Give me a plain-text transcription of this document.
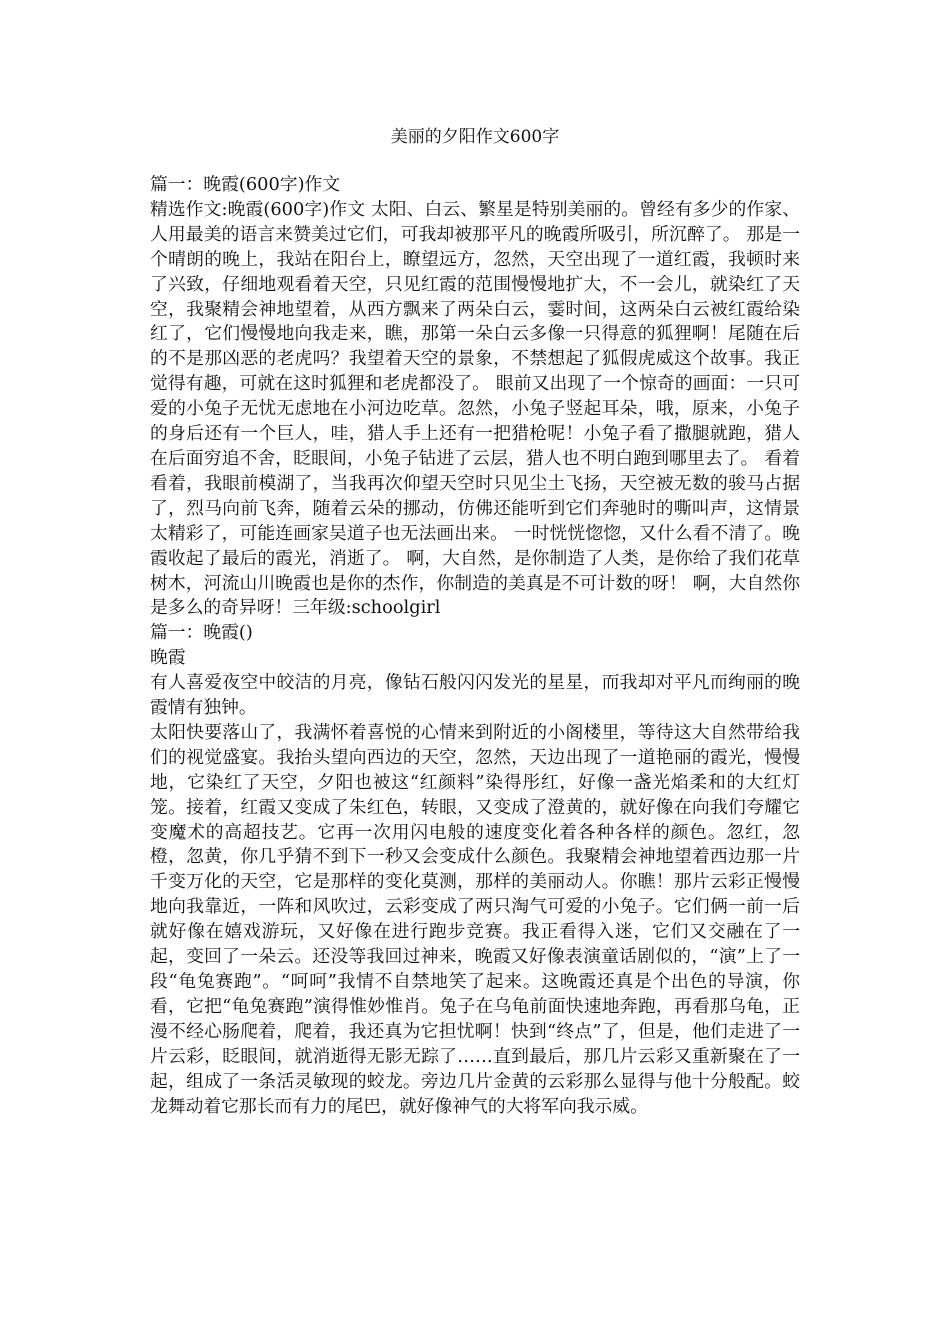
美丽的夕阳作文600字

篇一：晚霞(600字)作文

精选作文:晚霞(600字)作文 太阳、白云、繁星是特别美丽的。曾经有多少的作家、人用最美的语言来赞美过它们，可我却被那平凡的晚霞所吸引，所沉醉了。 那是一个晴朗的晚上，我站在阳台上，瞭望远方，忽然，天空出现了一道红霞，我顿时来了兴致，仔细地观看着天空，只见红霞的范围慢慢地扩大，不一会儿，就染红了天空，我聚精会神地望着，从西方飘来了两朵白云，霎时间，这两朵白云被红霞给染红了，它们慢慢地向我走来，瞧，那第一朵白云多像一只得意的狐狸啊！尾随在后的不是那凶恶的老虎吗？我望着天空的景象，不禁想起了狐假虎威这个故事。我正觉得有趣，可就在这时狐狸和老虎都没了。 眼前又出现了一个惊奇的画面：一只可爱的小兔子无忧无虑地在小河边吃草。忽然，小兔子竖起耳朵，哦，原来，小兔子的身后还有一个巨人，哇，猎人手上还有一把猎枪呢！小兔子看了撒腿就跑，猎人在后面穷追不舍，眨眼间，小兔子钻进了云层，猎人也不明白跑到哪里去了。 看着看着，我眼前模湖了，当我再次仰望天空时只见尘土飞扬，天空被无数的骏马占据了，烈马向前飞奔，随着云朵的挪动，仿佛还能听到它们奔驰时的嘶叫声，这情景太精彩了，可能连画家吴道子也无法画出来。 一时恍恍惚惚，又什么看不清了。晚霞收起了最后的霞光，消逝了。 啊，大自然，是你制造了人类，是你给了我们花草树木，河流山川晚霞也是你的杰作，你制造的美真是不可计数的呀！ 啊，大自然你是多么的奇异呀！三年级:schoolgirl

篇一：晚霞()

晚霞

有人喜爱夜空中皎洁的月亮，像钻石般闪闪发光的星星，而我却对平凡而绚丽的晚霞情有独钟。

太阳快要落山了，我满怀着喜悦的心情来到附近的小阁楼里，等待这大自然带给我们的视觉盛宴。我抬头望向西边的天空，忽然，天边出现了一道艳丽的霞光，慢慢地，它染红了天空，夕阳也被这“红颜料”染得彤红，好像一盏光焰柔和的大红灯笼。接着，红霞又变成了朱红色，转眼，又变成了澄黄的，就好像在向我们夸耀它变魔术的高超技艺。它再一次用闪电般的速度变化着各种各样的颜色。忽红，忽橙，忽黄，你几乎猜不到下一秒又会变成什么颜色。我聚精会神地望着西边那一片千变万化的天空，它是那样的变化莫测，那样的美丽动人。你瞧！那片云彩正慢慢地向我靠近，一阵和风吹过，云彩变成了两只淘气可爱的小兔子。它们俩一前一后就好像在嬉戏游玩，又好像在进行跑步竞赛。我正看得入迷，它们又交融在了一起，变回了一朵云。还没等我回过神来，晚霞又好像表演童话剧似的，“演”上了一段“龟兔赛跑”。“呵呵”我情不自禁地笑了起来。这晚霞还真是个出色的导演，你看，它把“龟兔赛跑”演得惟妙惟肖。兔子在乌龟前面快速地奔跑，再看那乌龟，正漫不经心肠爬着，爬着，我还真为它担忧啊！快到“终点”了，但是，他们走进了一片云彩，眨眼间，就消逝得无影无踪了……直到最后，那几片云彩又重新聚在了一起，组成了一条活灵敏现的蛟龙。旁边几片金黄的云彩那么显得与他十分般配。蛟龙舞动着它那长而有力的尾巴，就好像神气的大将军向我示威。
